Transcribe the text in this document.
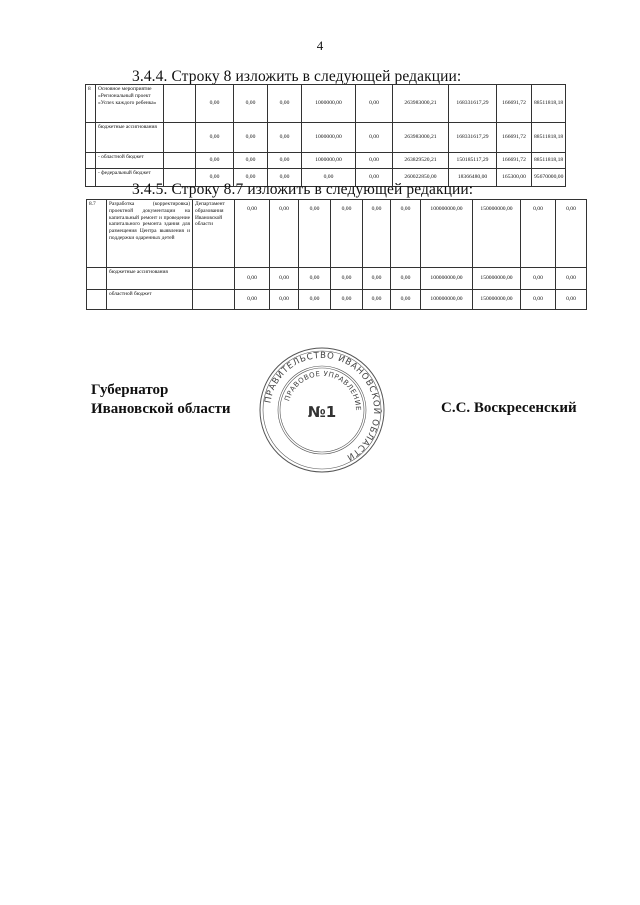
4
3.4.4. Строку 8 изложить в следующей редакции:
8	Основное мероприятие «Региональный проект «Успех каждого ребенка»		0,00	0,00	0,00	1000000,00	0,00	263983000,21	168331617,29	166691,72	88511818,18
	бюджетные ассигнования		0,00	0,00	0,00	1000000,00	0,00	263983000,21	168331617,29	166691,72	88511818,18
	- областной бюджет		0,00	0,00	0,00	1000000,00	0,00	263829520,21	150185117,29	166691,72	88511818,18
	- федеральный бюджет		0,00	0,00	0,00	0,00	0,00	260022850,00	18366480,00	165300,00	95670000,00
3.4.5. Строку 8.7 изложить в следующей редакции:
8.7	Разработка (корректировка) проектной документации на капитальный ремонт и проведение капитального ремонта здания для размещения Центра выявления и поддержки одаренных детей	Департамент образования Ивановской области	0,00	0,00	0,00	0,00	0,00	0,00	100000000,00	150000000,00	0,00	0,00
	бюджетные ассигнования		0,00	0,00	0,00	0,00	0,00	0,00	100000000,00	150000000,00	0,00	0,00
	областной бюджет		0,00	0,00	0,00	0,00	0,00	0,00	100000000,00	150000000,00	0,00	0,00
Губернатор
Ивановской области
ПРАВИТЕЛЬСТВО ИВАНОВСКОЙ ОБЛАСТИ
ПРАВОВОЕ УПРАВЛЕНИЕ
№1	С.С. Воскресенский
